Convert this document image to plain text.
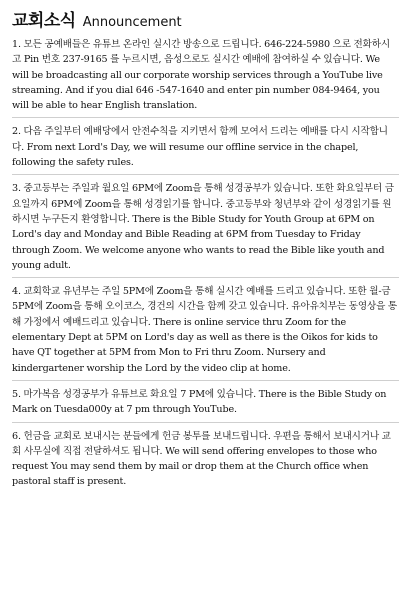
교회소식 Announcement

1. 모든 공예배들은 유튜브 온라인 실시간 방송으로 드립니다. 646-224-5980 으로 전화하시고 Pin 번호 237-9165 를 누르시면, 음성으로도 실시간 예배에 참여하실 수 있습니다. We will be broadcasting all our corporate worship services through a YouTube live streaming. And if you dial 646 -547-1640 and enter pin number 084-9464, you will be able to hear English translation.

2. 다음 주일부터 예배당에서 안전수칙을 지키면서 함께 모여서 드리는 예배를 다시 시작합니다. From next Lord's Day, we will resume our offline service in the chapel, following the safety rules.

3. 중고등부는 주일과 월요일 6PM에 Zoom을 통해 성경공부가 있습니다. 또한 화요일부터 금요일까지 6PM에 Zoom을 통해 성경읽기를 합니다. 중고등부와 청년부와 같이 성경읽기를 원하시면 누구든지 환영합니다. There is the Bible Study for Youth Group at 6PM on Lord's day and Monday and Bible Reading at 6PM from Tuesday to Friday through Zoom. We welcome anyone who wants to read the Bible like youth and young adult.

4. 교회학교 유년부는 주일 5PM에 Zoom을 통해 실시간 예배를 드리고 있습니다. 또한 월-금 5PM에 Zoom을 통해 오이코스, 경건의 시간을 함께 갖고 있습니다. 유아유치부는 동영상을 통해 가정에서 예배드리고 있습니다. There is online service thru Zoom for the elementary Dept at 5PM on Lord's day as well as there is the Oikos for kids to have QT together at 5PM from Mon to Fri thru Zoom. Nursery and kindergartener worship the Lord by the video clip at home.

5. 마가복음 성경공부가 유튜브로 화요일 7 PM에 있습니다. There is the Bible Study on Mark on Tuesda000y at 7 pm through YouTube.

6. 헌금을 교회로 보내시는 분들에게 헌금 봉투를 보내드립니다. 우편을 통해서 보내시거나 교회 사무실에 직접 전달하셔도 됩니다. We will send offering envelopes to those who request You may send them by mail or drop them at the Church office when pastoral staff is present.
